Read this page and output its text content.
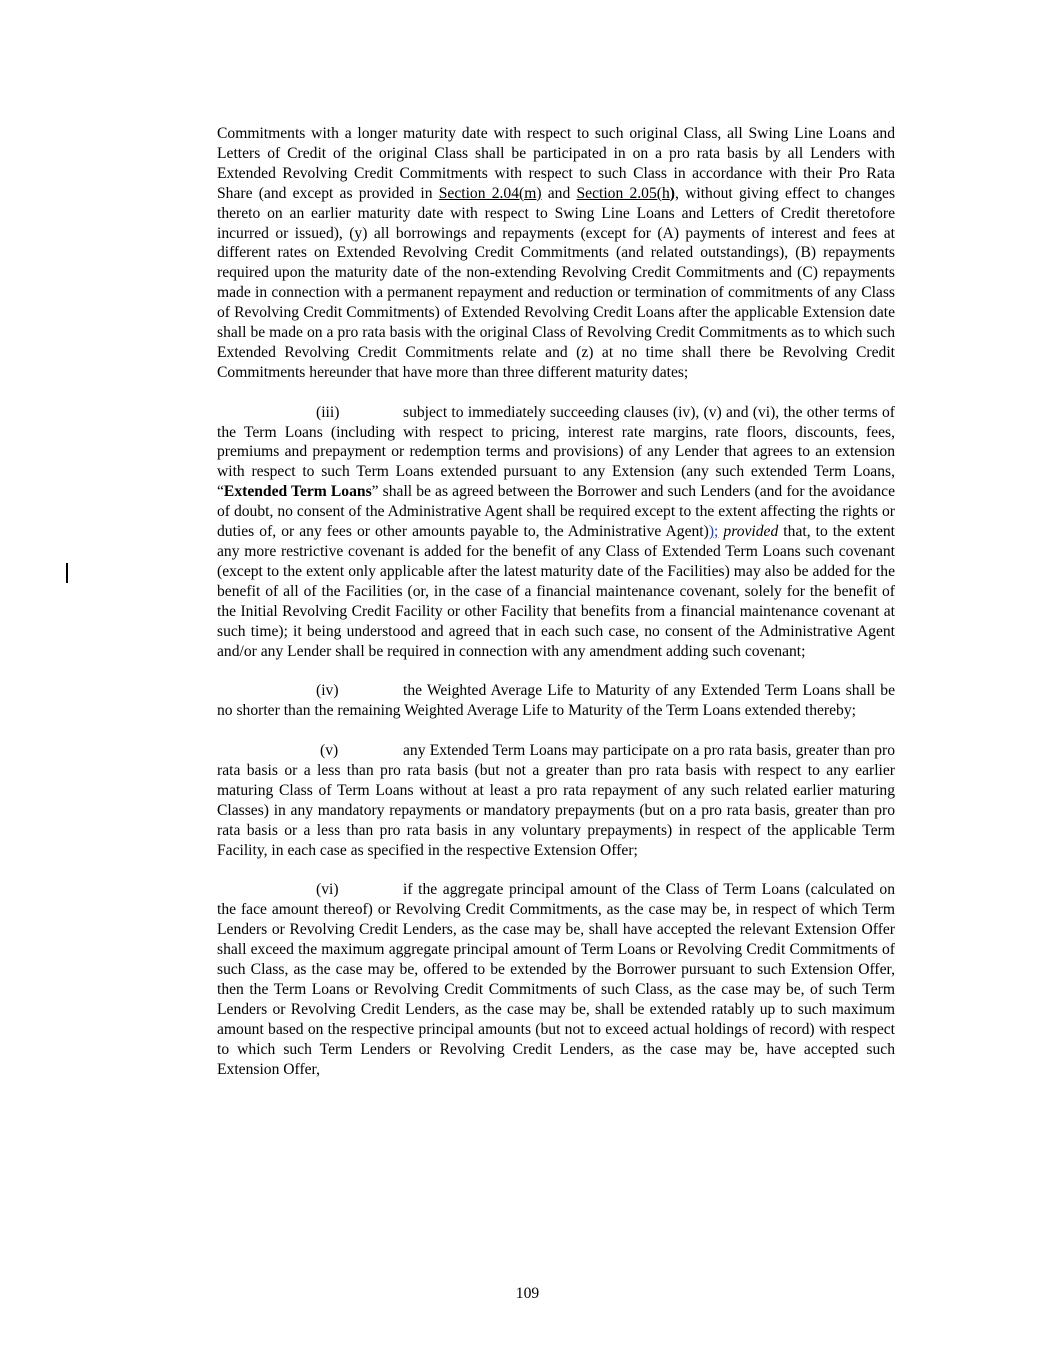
Commitments with a longer maturity date with respect to such original Class, all Swing Line Loans and Letters of Credit of the original Class shall be participated in on a pro rata basis by all Lenders with Extended Revolving Credit Commitments with respect to such Class in accordance with their Pro Rata Share (and except as provided in Section 2.04(m) and Section 2.05(h), without giving effect to changes thereto on an earlier maturity date with respect to Swing Line Loans and Letters of Credit theretofore incurred or issued), (y) all borrowings and repayments (except for (A) payments of interest and fees at different rates on Extended Revolving Credit Commitments (and related outstandings), (B) repayments required upon the maturity date of the non-extending Revolving Credit Commitments and (C) repayments made in connection with a permanent repayment and reduction or termination of commitments of any Class of Revolving Credit Commitments) of Extended Revolving Credit Loans after the applicable Extension date shall be made on a pro rata basis with the original Class of Revolving Credit Commitments as to which such Extended Revolving Credit Commitments relate and (z) at no time shall there be Revolving Credit Commitments hereunder that have more than three different maturity dates;

(iii)	subject to immediately succeeding clauses (iv), (v) and (vi), the other terms of the Term Loans (including with respect to pricing, interest rate margins, rate floors, discounts, fees, premiums and prepayment or redemption terms and provisions) of any Lender that agrees to an extension with respect to such Term Loans extended pursuant to any Extension (any such extended Term Loans, “Extended Term Loans” shall be as agreed between the Borrower and such Lenders (and for the avoidance of doubt, no consent of the Administrative Agent shall be required except to the extent affecting the rights or duties of, or any fees or other amounts payable to, the Administrative Agent)); provided that, to the extent any more restrictive covenant is added for the benefit of any Class of Extended Term Loans such covenant (except to the extent only applicable after the latest maturity date of the Facilities) may also be added for the benefit of all of the Facilities (or, in the case of a financial maintenance covenant, solely for the benefit of the Initial Revolving Credit Facility or other Facility that benefits from a financial maintenance covenant at such time); it being understood and agreed that in each such case, no consent of the Administrative Agent and/or any Lender shall be required in connection with any amendment adding such covenant;

(iv)	the Weighted Average Life to Maturity of any Extended Term Loans shall be no shorter than the remaining Weighted Average Life to Maturity of the Term Loans extended thereby;

(v)	any Extended Term Loans may participate on a pro rata basis, greater than pro rata basis or a less than pro rata basis (but not a greater than pro rata basis with respect to any earlier maturing Class of Term Loans without at least a pro rata repayment of any such related earlier maturing Classes) in any mandatory repayments or mandatory prepayments (but on a pro rata basis, greater than pro rata basis or a less than pro rata basis in any voluntary prepayments) in respect of the applicable Term Facility, in each case as specified in the respective Extension Offer;

(vi)	if the aggregate principal amount of the Class of Term Loans (calculated on the face amount thereof) or Revolving Credit Commitments, as the case may be, in respect of which Term Lenders or Revolving Credit Lenders, as the case may be, shall have accepted the relevant Extension Offer shall exceed the maximum aggregate principal amount of Term Loans or Revolving Credit Commitments of such Class, as the case may be, offered to be extended by the Borrower pursuant to such Extension Offer, then the Term Loans or Revolving Credit Commitments of such Class, as the case may be, of such Term Lenders or Revolving Credit Lenders, as the case may be, shall be extended ratably up to such maximum amount based on the respective principal amounts (but not to exceed actual holdings of record) with respect to which such Term Lenders or Revolving Credit Lenders, as the case may be, have accepted such Extension Offer,

109
